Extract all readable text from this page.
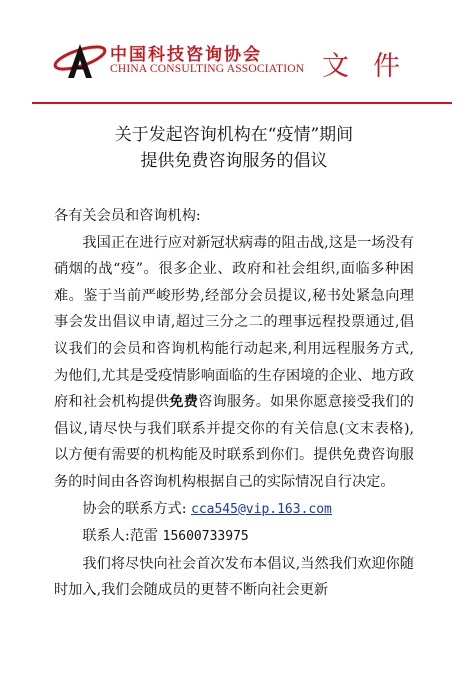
中国科技咨询协会
CHINA CONSULTING ASSOCIATION 文件
关于发起咨询机构在“疫情”期间
提供免费咨询服务的倡议

各有关会员和咨询机构:

我国正在进行应对新冠状病毒的阻击战,这是一场没有硝烟的战“疫”。很多企业、政府和社会组织,面临多种困难。鉴于当前严峻形势,经部分会员提议,秘书处紧急向理事会发出倡议申请,超过三分之二的理事远程投票通过,倡议我们的会员和咨询机构能行动起来,利用远程服务方式,为他们,尤其是受疫情影响面临的生存困境的企业、地方政府和社会机构提供免费咨询服务。如果你愿意接受我们的倡议,请尽快与我们联系并提交你的有关信息(文末表格),以方便有需要的机构能及时联系到你们。提供免费咨询服务的时间由各咨询机构根据自己的实际情况自行决定。

协会的联系方式: cca545@vip.163.com

联系人:范雷 15600733975

我们将尽快向社会首次发布本倡议,当然我们欢迎你随时加入,我们会随成员的更替不断向社会更新
